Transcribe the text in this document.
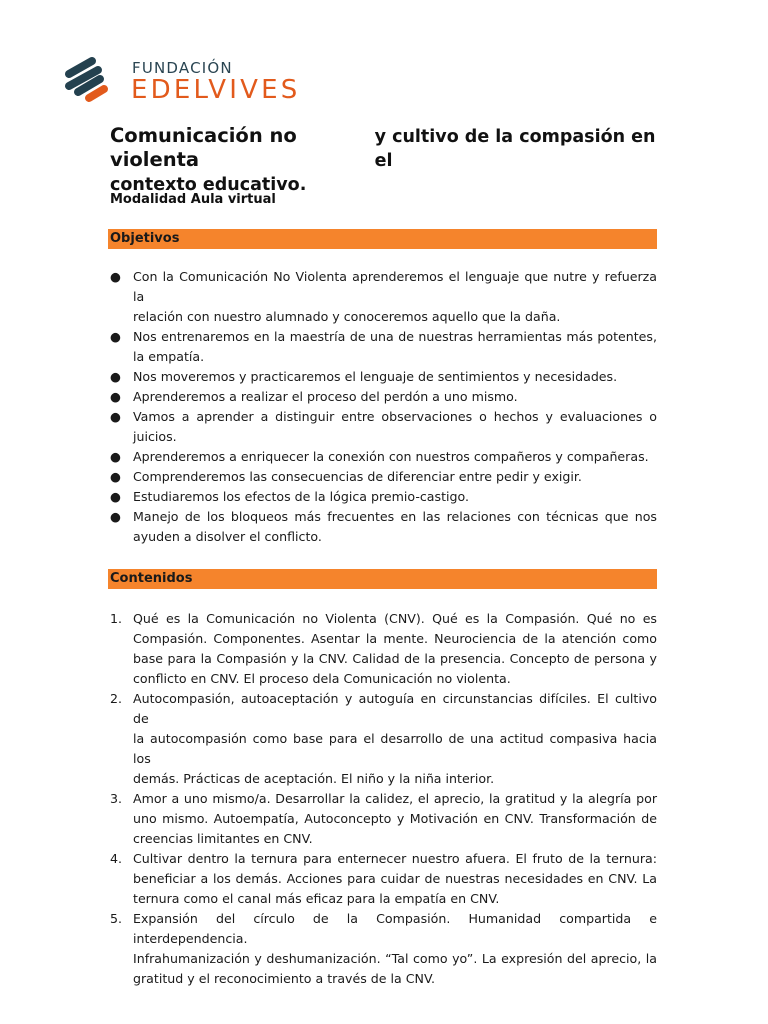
FUNDACIÓN
EDELVIVES
Comunicación no violenta
y cultivo de la compasión en el
contexto educativo.
Modalidad Aula virtual
Objetivos
● Con la Comunicación No Violenta aprenderemos el lenguaje que nutre y refuerza la
relación con nuestro alumnado y conoceremos aquello que la daña.
● Nos entrenaremos en la maestría de una de nuestras herramientas más potentes,
la empatía.
● Nos moveremos y practicaremos el lenguaje de sentimientos y necesidades.
● Aprenderemos a realizar el proceso del perdón a uno mismo.
● Vamos a aprender a distinguir entre observaciones o hechos y evaluaciones o
juicios.
● Aprenderemos a enriquecer la conexión con nuestros compañeros y compañeras.
● Comprenderemos las consecuencias de diferenciar entre pedir y exigir.
● Estudiaremos los efectos de la lógica premio-castigo.
● Manejo de los bloqueos más frecuentes en las relaciones con técnicas que nos
ayuden a disolver el conflicto.
Contenidos
1. Qué es la Comunicación no Violenta (CNV). Qué es la Compasión. Qué no es
Compasión. Componentes. Asentar la mente. Neurociencia de la atención como
base para la Compasión y la CNV. Calidad de la presencia. Concepto de persona y
conflicto en CNV. El proceso dela Comunicación no violenta.
2. Autocompasión, autoaceptación y autoguía en circunstancias difíciles. El cultivo de
la autocompasión como base para el desarrollo de una actitud compasiva hacia los
demás. Prácticas de aceptación. El niño y la niña interior.
3. Amor a uno mismo/a. Desarrollar la calidez, el aprecio, la gratitud y la alegría por
uno mismo. Autoempatía, Autoconcepto y Motivación en CNV. Transformación de
creencias limitantes en CNV.
4. Cultivar dentro la ternura para enternecer nuestro afuera. El fruto de la ternura:
beneficiar a los demás. Acciones para cuidar de nuestras necesidades en CNV. La
ternura como el canal más eficaz para la empatía en CNV.
5. Expansión del círculo de la Compasión. Humanidad compartida e interdependencia.
Infrahumanización y deshumanización. “Tal como yo”. La expresión del aprecio, la
gratitud y el reconocimiento a través de la CNV.
